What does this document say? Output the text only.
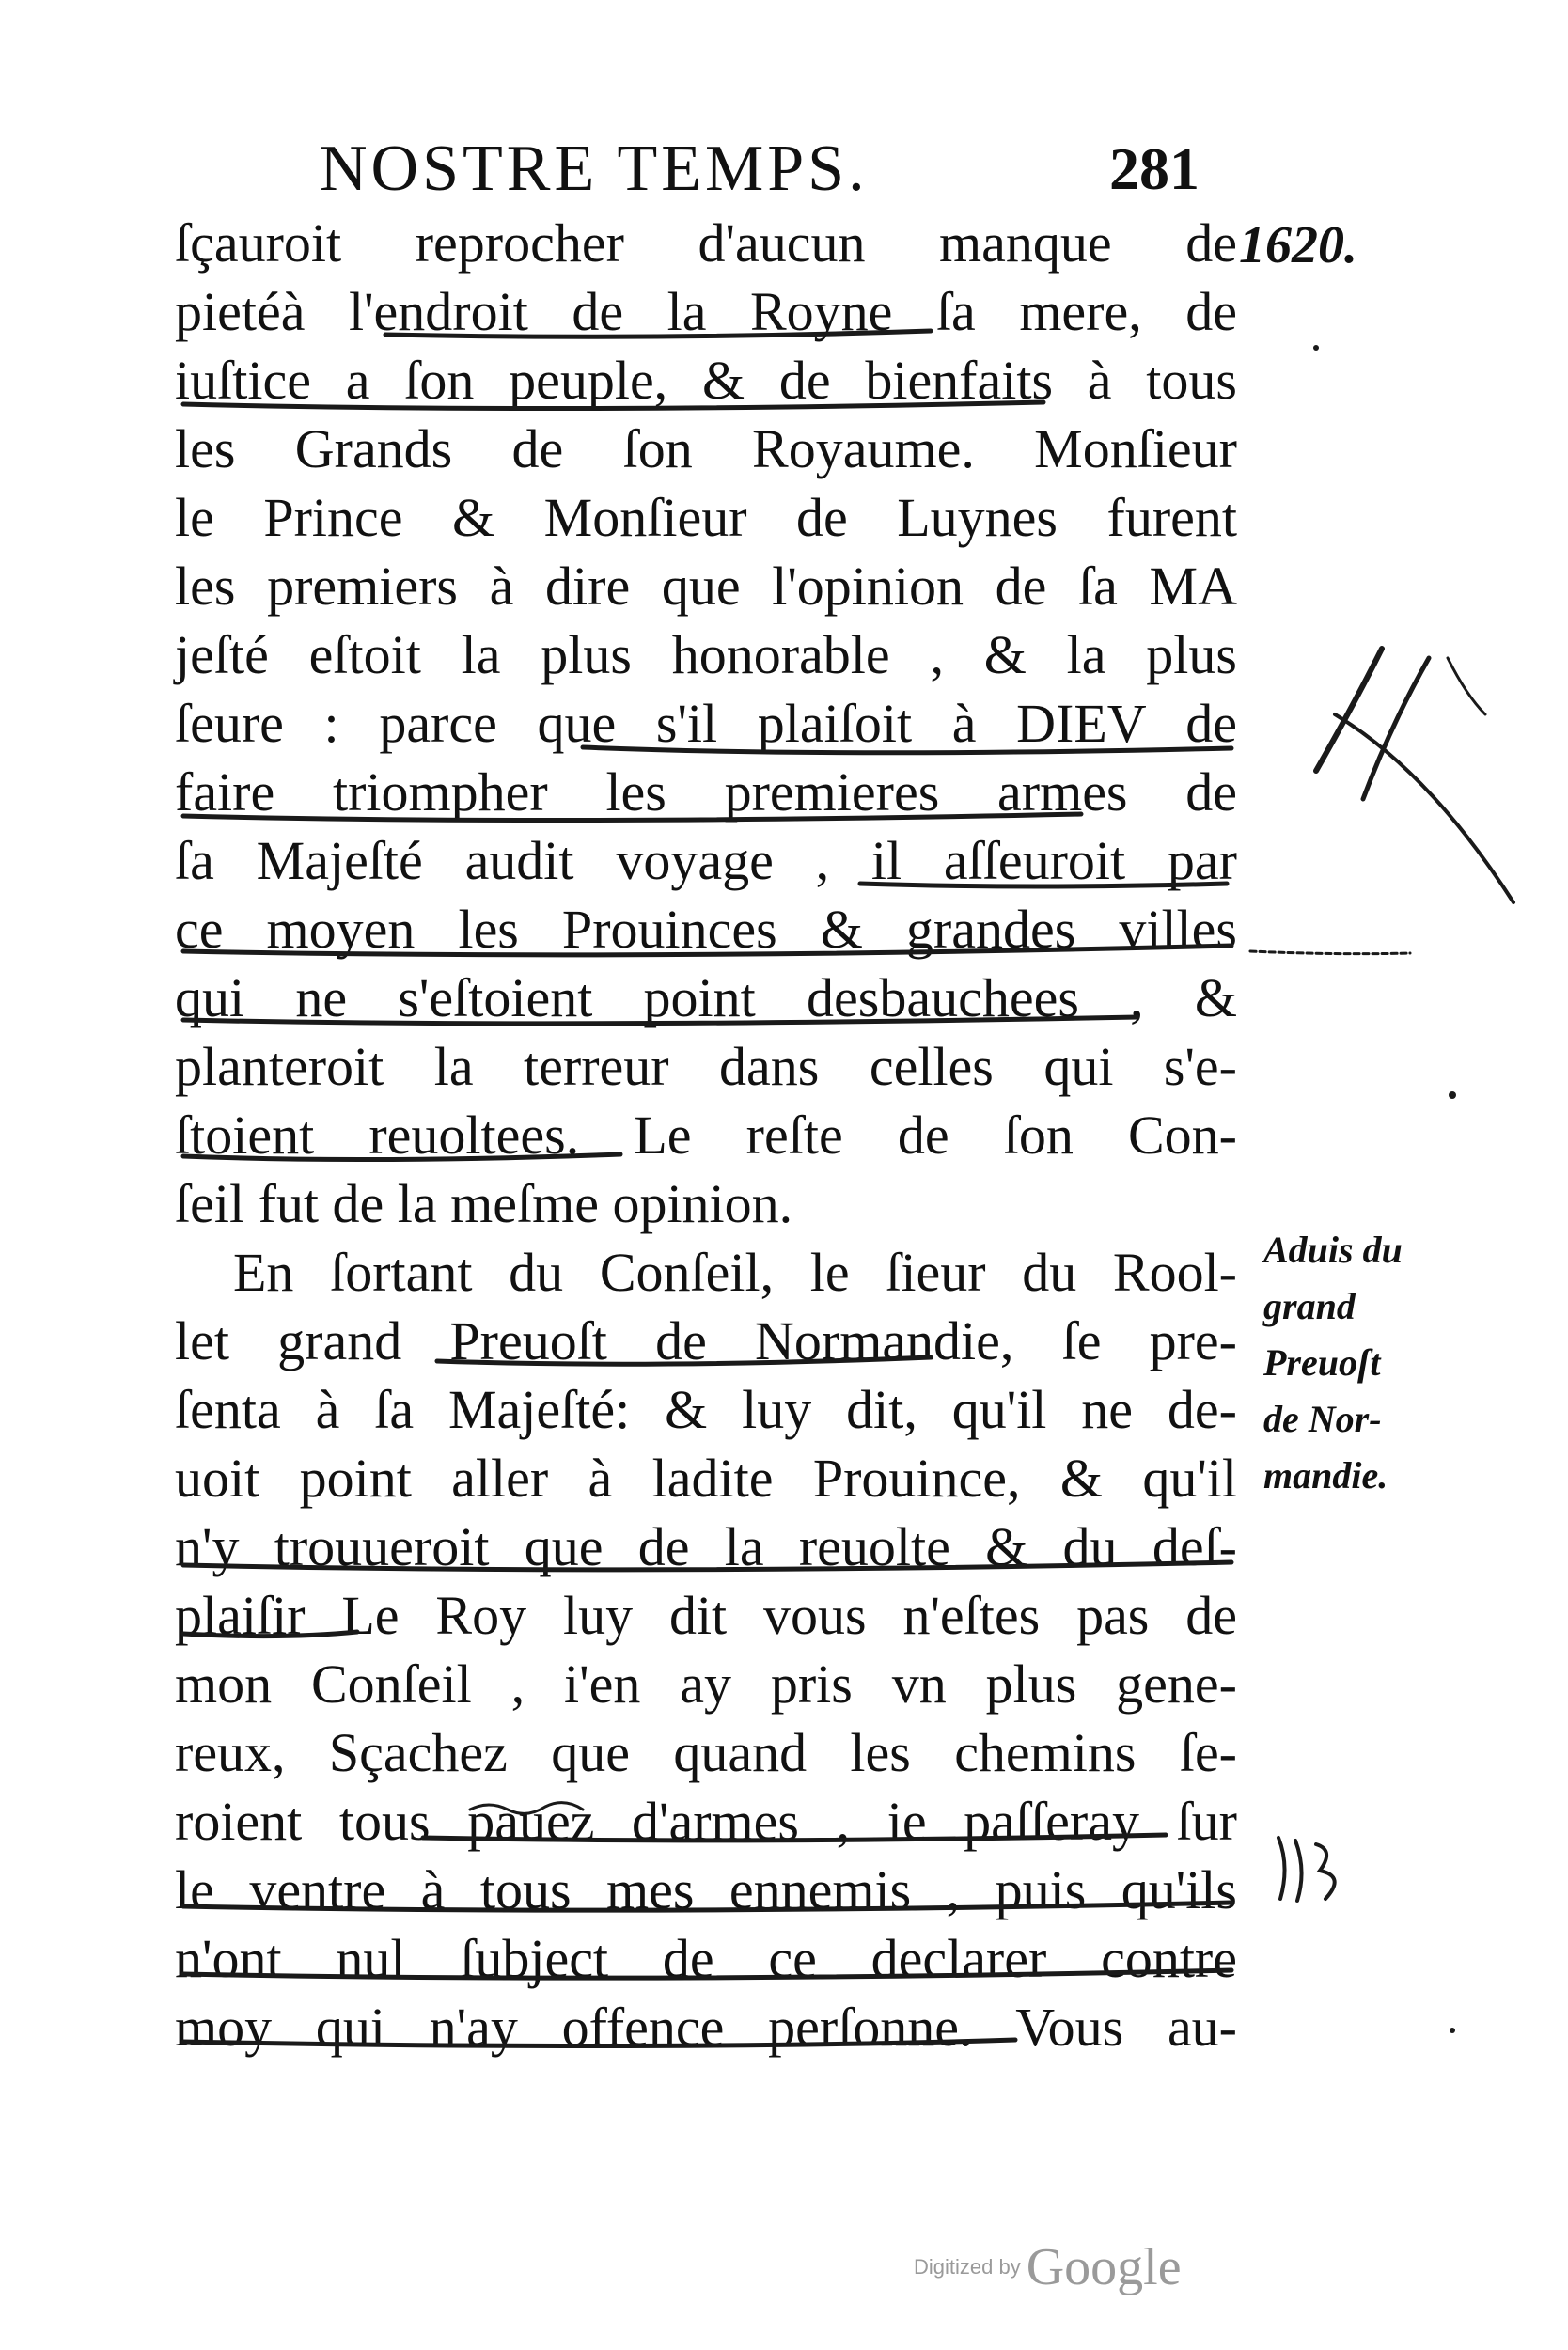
NOSTRE TEMPS.	281
1620.
ſçauroit reprocher d'aucun manque de
pietéà l'endroit de la Royne ſa mere, de
iuſtice a ſon peuple, & de bienfaits à tous
les Grands de ſon Royaume. Monſieur
le Prince & Monſieur de Luynes furent
les premiers à dire que l'opinion de ſa MA
jeſté eſtoit la plus honorable , & la plus
ſeure : parce que s'il plaiſoit à DIEV de
faire triompher les premieres armes de
ſa Majeſté audit voyage , il aſſeuroit par
ce moyen les Prouinces & grandes villes
qui ne s'eſtoient point desbauchees , &
planteroit la terreur dans celles qui s'e-
ſtoient reuoltees. Le reſte de ſon Con-
ſeil fut de la meſme opinion.
En ſortant du Conſeil, le ſieur du Rool-
let grand Preuoſt de Normandie, ſe pre-
ſenta à ſa Majeſté: & luy dit, qu'il ne de-
uoit point aller à ladite Prouince, & qu'il
n'y trouueroit que de la reuolte & du deſ-
plaiſir Le Roy luy dit vous n'eſtes pas de
mon Conſeil , i'en ay pris vn plus gene-
reux, Sçachez que quand les chemins ſe-
roient tous pauez d'armes , ie paſſeray ſur
le ventre à tous mes ennemis , puis qu'ils
n'ont nul ſubject de ce declarer contre
moy qui n'ay offence perſonne. Vous au-
Aduis du
grand
Preuoſt
de Nor-
mandie.
Digitized by Google
